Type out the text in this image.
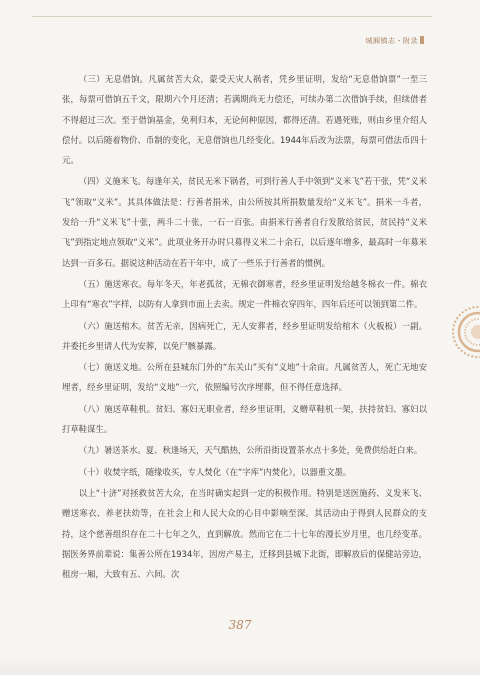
城厢镇志・附录

（三）无息借饷。凡属贫苦大众，蒙受天灾人祸者，凭乡里证明，发给“无息借饷票”一至三张，每票可借饷五千文，限期六个月还清；若满期尚无力偿还，可续办第二次借饷手续，但续借者不得超过三次。至于借饷基金，免利归本，无论何种原因，都得还清。若遇死账，则由乡里介绍人偿付。以后随着物价、币制的变化，无息借饷也几经变化。1944年后改为法票，每票可借法币四十元。

（四）义施米飞。每逢年关，贫民无米下锅者，可到行善人手中领到“义米飞”若干张，凭“义米飞”领取“义米”。其具体做法是：行善者捐米，由公所按其所捐数量发给“义米飞”。捐米一斗者，发给一升“义米飞”十张，两斗二十张，一石一百张。由捐米行善者自行发散给贫民，贫民持“义米飞”到指定地点领取“义米”。此项业务开办时只募得义米二十余石，以后逐年增多，最高时一年募米达到一百多石。据说这种活动在若干年中，成了一些乐于行善者的惯例。

（五）施送寒衣。每年冬天，年老孤贫，无棉衣御寒者，经乡里证明发给越冬棉衣一件。棉衣上印有“寒衣”字样，以防有人拿到市面上去卖。规定一件棉衣穿四年，四年后还可以领到第二件。

（六）施送棺木。贫苦无亲，因病死亡，无人安葬者，经乡里证明发给棺木（火板板）一副。并委托乡里请人代为安葬，以免尸骸暴露。

（七）施送义地。公所在县城东门外的“东关山”买有“义地”十余亩。凡属贫苦人，死亡无地安埋者，经乡里证明，发给“义地”一穴，依照编号次序埋葬，但不得任意选择。

（八）施送草鞋机。贫妇、寡妇无职业者，经乡里证明，义赠草鞋机一架，扶持贫妇、寡妇以打草鞋谋生。

（九）暑送茶水。夏、秋逢场天，天气酷热，公所沿街设置茶水点十多处，免费供给赶白来。

（十）收焚字纸，随缘收买，专人焚化（在“字库”内焚化），以器重文墨。

以上“十济”对拯救贫苦大众，在当时确实起到一定的积极作用。特别是送医施药、义发米飞、赠送寒衣、养老扶幼等，在社会上和人民大众的心目中影响至深。其活动由于得到人民群众的支持，这个慈善组织存在二十七年之久，直到解放。然而它在二十七年的漫长岁月里，也几经变革。据医务界前辈说：集善公所在1934年，因房产易主，迁移到县城下北街，即解放后的保健站旁边，租房一厢，大致有五、六间。次

387
